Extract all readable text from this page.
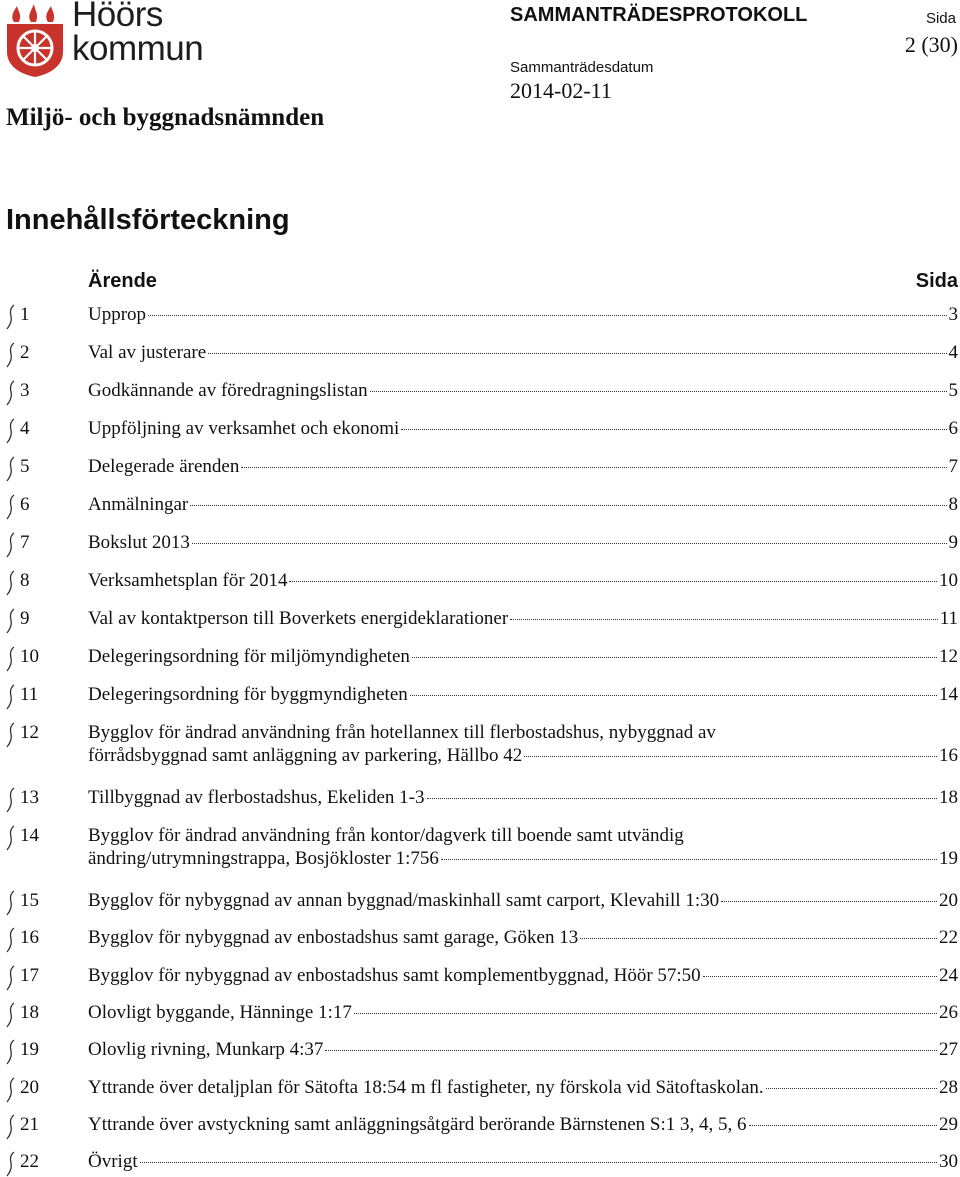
Höörs
kommun
SAMMANTRÄDESPROTOKOLL	Sida
2 (30)
Sammanträdesdatum
2014-02-11
Miljö- och byggnadsnämnden
Innehållsförteckning
Ärende	Sida
1	Upprop	3
2	Val av justerare	4
3	Godkännande av föredragningslistan	5
4	Uppföljning av verksamhet och ekonomi	6
5	Delegerade ärenden	7
6	Anmälningar	8
7	Bokslut 2013	9
8	Verksamhetsplan för 2014	10
9	Val av kontaktperson till Boverkets energideklarationer	11
10	Delegeringsordning för miljömyndigheten	12
11	Delegeringsordning för byggmyndigheten	14
12	Bygglov för ändrad användning från hotellannex till flerbostadshus, nybyggnad av
förrådsbyggnad samt anläggning av parkering, Hällbo 42	16
13	Tillbyggnad av flerbostadshus, Ekeliden 1-3	18
14	Bygglov för ändrad användning från kontor/dagverk till boende samt utvändig
ändring/utrymningstrappa, Bosjökloster 1:756	19
15	Bygglov för nybyggnad av annan byggnad/maskinhall samt carport, Klevahill 1:30	20
16	Bygglov för nybyggnad av enbostadshus samt garage, Göken 13	22
17	Bygglov för nybyggnad av enbostadshus samt komplementbyggnad, Höör 57:50	24
18	Olovligt byggande, Hänninge 1:17	26
19	Olovlig rivning, Munkarp 4:37	27
20	Yttrande över detaljplan för Sätofta 18:54 m fl fastigheter, ny förskola vid Sätoftaskolan.	28
21	Yttrande över avstyckning samt anläggningsåtgärd berörande Bärnstenen S:1 3, 4, 5, 6	29
22	Övrigt	30
